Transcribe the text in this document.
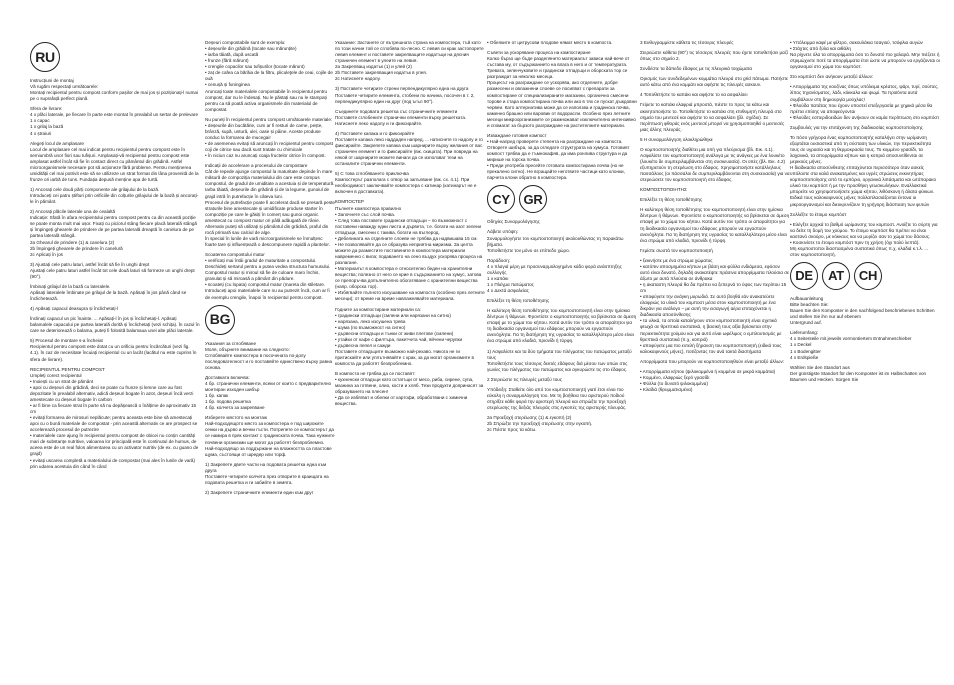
RU

Instrucțiuni de montaj
Vă rugăm respectați următoarele:
Montați recipientul pentru compost conform pașilor de mai jos și poziționați-l numai pe o suprafață perfect plană.

Sfera de livrare:
4 x plăci laterale, pe fiecare în parte este montat în prealabil un sertar de prelevare
1 x capac
1 x grilaj la bază
4 x ștraiuri

Alegeți locul de amplasare
Locul de amplasare cel mai indicat pentru recipientul pentru compost este în semiumbră unor fiori sau tufișuri. Amplasați-vă recipientul pentru compost este amplasat astfel încât să fie în contact direct cu pământul din grădină. Astfel microorganismele necesare pot să acționeze fără probleme. Pentru menținerea umidității cel mai potrivit este să se utilizeze un strat format din lâna provenită de la frunze ori iarbă de tuns. Fundația depusă menține apa de turtă.

1) Ancorați cele două părți componente ale grilajului de la bază.
Introduceți cei patru știfturi prin orificiile din colțurile grilajului de la bază și ancorați-le în pământ.

2) Ancorați plăcile laterale una de cealaltă
Indicație: Sfată în afara recipientului pentru compost pentru ca din această poziție se poate monta mult mai ușor. Fixați cu piciorul stâng fiecare placă laterală stângă și împingeți ghearele de prindere de pe partea laterală dreaptă în canelura de pe partea laterală stângă.
2a Ghearul de prindere (1) & canelura (2)
2b Împingeți ghearele de prindere în canelură
2c Aplicați în jos

3) Ajustați cele patru laturi, astfel încât să fie în unghi drept
Ajustați cele patru laturi astfel încât tot cele două laturi să formeze un unghi drept (90°).

Îmbinați grilajul de la bază cu lateralele.
Apăsați lateralele îmbinate pe grilajul de la bază. Apăsați în jos până când se înclichetează.

4) Apăsați capacul deasupra și înclichetați-l

Înclinați capacul un pic înainte. ... Apăsați-l în jos și înclichetați-l. Apăsați balamalele capacului pe partea laterală dorită și înclichetați (vezi schița). În cazul în care se deteriorează o balama, puteți fi folosită balamaua unei alte plăci laterale.

5) Procesul de montare s-a încheiat
Recipientul pentru compost este dotat cu un orificiu pentru încărcături (vezi fig. 4.1). În caz de necesitate încuiați recipientul cu un lacăt (lacătul nu este cuprins în sfera de livrare).

RECIPIENTUL PENTRU COMPOST
Umpleți corect recipientul
• Inoiești cu un strat de pământ
• apoi cu deșeuri din grădină, deci se poate cu frunze și lemne care au fost depozitate în prealabil alternativ, adică deșeuri bogate în azot, deșeuri încă verzi amestecate cu deșeuri bogate în carbon
• ar fi bine ca fiecare strat în parte să nu depășească o înălțime de aproximativ 15 cm
• evitați formarea de mirosuri neplăcute; pentru aceasta este bine să amestecați apoi cu o bună materiale de compostat - prin această alternativ ce are prospect se accelerează procesul de putrezire
• materialele care ajung în recipientul pentru compost de obicei nu conțin cantități mari de substanțe nutritive, valoarea lor principală este în continutul de humus, de aceea este de un real folos alimentarea cu un activator nutritiv (de ex. cu guano de grajd)
• evitați uscarea completă a materialului de compostat (mai ales în lunile de vară) prin udarea acestuia din când în când

Deșeuri compostabile sunt de exemplu:
• deșeurile din grădină (tocate sau mărunțite)
• iarba tăiată, după uscată
• frunze (fără mărunt)
• crengile copacilor sau tufișurilor (tocate mărunt)
• zaț de cafea ca bărăia de la filtru, pliculeţele de ceai, cojile de ouă
• cenușă și funinginea
Aruncați toate materialele compostabile în recipientul pentru compost, dar nu le îndesați. Nu le păstați sau nu le stampați pentru ca să poată activa organismele din materialul de compostat.

Nu puneți în recipientul pentru compost următoarele materiale:
• deșeurile din bucătărie, cum ar fi resturi de carne, pește, brânză, supă, untură, ulei, oase și pâine. Aceste produse conduc la formarea de mucegai!
• de asemenea evitați să aruncați în recipientul pentru compost coji de citrice sau dacă sunt tratate cu chimicale
• în niciun caz nu aruncați coaja fructelor citrice în compost.

Indicații de accelerare a procesului de compostare
Cât de repede ajunge compostul la maturitate depinde în mare măsură de compoziția materialului din care este compus compostul, de gradul de umiditate a acestuia și de temperatură.
Iarba tăiată, deșeurile din grădină și de la legume, gunoiul de grajd intră în putrefacție în câteva luni.
Procesul de putrefacție poate fi accelerat dacă se presară peste straturile bine amestecate și umidificate produse starter în compoziție pe care le găsiți în comerț sau gunoi organic amestecat cu compost matur ori pâlă adăugată de rânie. Alternativ puteți să utilizați și pământul din grădină, praful din rocă primară sau calciul de alge.
În special în lunile de vară microorganismele se înmulțesc foarte tare și influențează o descompunere rapidă a plantelor.

Scoaterea compostului matur
• verificați mai întâi gradul de maturitate a compostului.
Deschideți sertarul pentru a putea vedea structura humusului. Compostul matur și miroul să fie de culoare maro închis, granulat și să miroasă a pământ din pădure.
• scoateți (cu lopata) compostul matur (mareta din stiletare.
Introduceți apoi materialele care nu au putrezit încă, cum ar fi de exemplu crengile, înapoi în recipientul pentru compost.

BG

Указания за сглобяване
Моля, обърнете внимание на следното:
Сглобявайте компостера в посочената по-долу последователност и го поставяйте единствено върху равна основа.

Доставката включва:
4 бр. странични елементи, всеки от които с предварително монтиран изходен шибър
1 бр. капак
1 бр. подова решетка
4 бр. колчета за закрепване

Изберете мястото на монтаж
Най-подходящото място за компостера е под широките сенки на дърво и вечни гъсти. Потрепете се компостерът да се намира в пряк контакт с градинската почва. Така нужните почвени организми ще могат да работят безпроблемно. Най-подходящо за поддържане на влажността са пластове щума, състоящи от шредер или торф.

1) Закрепете двете части на подовата решетка една към друга
Поставете четирите колчета през отворите в краищата на подовата решетка и ги забийте в земята.

2) Закрепете страничните елементи един към друг

Указание: Застанете от вътрешната страна на компостера, тъй като по този начин той се сглобява по-лесно. С левия си крак застопорете левия елемент и поставете закрепващите издатъци на дясния страничен елемент в улеите на левия.
2а Закрепващ издатък (1) и улей (2)
2b Поставете закрепващия издатък в улея.
2c Натиснете надолу.

3) Поставете четирите стрени перпендикулярно една на друга
Поставете четирите елемента, стобени по начина, посочен в т. 2, перпендикулярно един на друг (под ъгъл 90°).

Съединете подовата решетка със страничните елементи
Поставете сглобените странични елементи върху решетката. Натиснете леко надолу и ги фиксирайте.

4) Поставете капака и го фиксирайте
Поставете капака леко наддаден напред, ... натиснете го надолу и го фиксирайте. Закрепете капака към шарнирите върху желания от вас страничен елемент и го фиксирайте (вж. скицата). При повреда на някой от шарнирите можете винаги да се използват тези на останалите странични елементи.

5) С това сглобяването приключва
Компостерът разполага с отвор за запълване (вж. сх. 4.1). При необходимост заключвайте компостера с катинар (катинарът не е включен в доставката).

КОМПОСТЕР
Пълнете компостера правилно
• Започнете със слой почва.
• След това поставете градински отпадъци – по възможност с поставени наважду едни листа и дървета, т.е. богати на азот зелени отпадъци, смесени с такива, богати на въглерод.
• Дебелината на отделните слоеве не трябва да надвишава 15 см.
• Не позволявайте да се образува неприятна миризма. За целта можете да разместите поставените в компостера материали навременно с вила; подаването на сено въздух ускорява процеса на разлагане.
• Материалът в компостера е относително беден на хранителни вещества; полезно от него се крие в съдържанието на хумус, затова се препоръчва допълнително обогатяване с хранителни вещества (напр. оборска тор).
• Избягвайте пълното изсушаване на компоста (особено през летните месеци); от време на време навлажнявайте материала.

Годните за компостиране материали са:
• градински отпадъци (смлени или нарязани на ситно)
• нарязана, леко изсушена трева
• шума (по възможност на ситно)
• дървесни отпадъци и тънки от живи плетове (смлени)
• утайки от кафе с филтъра, пакетчета чай, яйчени черупки
• дървесна пепел и сажди
Поставете отпадъците възможно най-рехаво. Никога не ги притискайте или уплътнявайте с крак, за да могат организмите в компоста да работят безпроблемно.

В компоста не трябва да се поставят:
• кухненски отпадъци като остатъци от месо, риба, сирене, супа, мазнина за готвене, олио, кости и хляб. Тези продукти допринасят за образуването на плесен!
• Да се избягват и обелки от картофи, обработвани с химични вещества.

• Обелките от цитрусови плодове нямат място в компоста.

Съвети за ускоряване процеса на компостиране
Колко бързо ще бъде разделянето материалът зависи най-вече от състава му, от съдържанието на влага в него и от температурата. Тревата, зеленчуковите и градински отпадъци и оборската тор се разграждат за няколко месеца.
Процесът на разграждане се ускорява, ако отделните, добре размесени и овлажнени слоеве се посипват с препарати за компостиране от специализираните магазини, органично смесени торове и стара компостирана почва или ако в тях се пускат дъждовни червеи. Като алтернатива може да се използва и градинска почва, каменно брашно или варовик от водорасли. Особено през летните месеци микроорганизмите се размножават изключително интензивно и спомагат за бързото разграждане на растителните материали.

Изваждане готовия компост
• Най-напред проверете степента на разграждане на компоста. Отворете шибъра, за да огледате структурата на хумуса. Готовият компост трябва да е тъмнокафяв, да има ронлива структура и да мирише на горска почва.
• Преди употреба пресейте готовата компостирана почва (но не прекалено ситно). Не вгращайте неготвите частици като клонки, парчета клони обратно в компостера.

CY	GR

Οδηγίες Συναρμολόγησης

Λάβετε υπόψη:
Συναρμολογήστε τον κομποστοποιητή ακολουθώντας τη παρακάτω βήματα.
Τοποθετήστε τον μόνο σε επίπεδο χώρο.

Παράδοση:
4 x πλαγιά μέρη με προσυναρμολογημένο κάδο φορά ανάσπτηξης συλλογής
1 x καπάκι
1 x Πλέγμα πατώματος
4 x Δεκτά ασφαλείας

Επιλέξτε τη θέση τοποθέτησης

Η καλύτερη θέση τοποθέτησης του κομποστοποιητή είναι στην ημίσκια δέντρων ή θάμνων. Φροντίστε ο κομποστοποιητής να βρίσκεται σε άμεση επαφή με το χώμα του κήπου. Κατά αυτόν τον τρόπο οι απαραίτητοι για τη διαδικασία οργανισμοί του εδάφους μπορούν να εργαστούν ανενόχλητα. Για τη διατήρηση της υγρασίας το καταλληλότερο μέσο είναι ένα στρώμα από κλαδιά, πριονίδι ή τύρφη.

1) Ασφαλίστε και τα δύο τμήματα του πλέγματος του πατώματος μεταξύ τους
Τοποθετήστε τους τέσσερις δεκτές εδάφους διά μέσου των οπών στις γωνίες του πλέγματος του πατώματος και αγκυρώστε τις στο έδαφος.

2 Στερεώστε τις πλευρές μεταξύ τους

Υπόδειξη: Σταθείτε όλο από τον κομποστοποιητή γιατί έτσι είναι πιο εύκολη η συναρμολόγηση του. Με τη βοήθεια του αριστερού ποδιού στηρίξτε κάθε φορά την αριστερή πλευρά και σπρώξτε την προεξοχή στερέωσης της δεξιάς πλευράς στις εγκοπές της αριστερής πλευράς.

2a Προεξοχή στερέωσης (1) & εγκοπή (2)
2b Σπρώξτε την προεξοχή στερέωσης στην εγκοπή.
2c Πιέστε προς τα κάτω.

3 Ευθυγραμμίστε κάθετα τις τέσσερις πλευρές

Στερεώστε κάθετα (90°) τις τέσσερις πλευρές που έχετε τοποθετήσει μαζί όπως στο σημείο 2.

Συνδέστε τα δάπεδο έδαφος με τις πλευρικά τοιχώματα

Ορισμός των συνδεδεμένων κομμάτια πλευρά στο grid πάτωμα. Πατήστε αυτό κάτω από ένα κομμάτι και αφήστε τις πλευρές ασκουν.

4 Τοποθετήστε το καπάκι και αφήστε το να ασφαλίσει

Γείρετε το καπάκι ελαφριά μπροστά, πιέστε το προς τα κάτω και ακινητοποιήστε το. Τοποθετήστε το καπάκι στη επιθυμητή πλευρά στο σημείο του μεντεσέ και αφήστε το να ασφαλίσει (βλ. σχέδιο). Σε περίπτωση φθοράς ενός μεντεσέ μπορεί να χρησιμοποιηθεί ο μεντεσές μιας άλλης πλευράς.

5 Η συναρμολόγηση ολοκληρώθηκε

Ο κομποστοποιητής διαθέτει μια οπή για πλεύρισμα (βλ. Εικ. 4.1). Ασφαλίστε τον κομποστοποιητή ανάλογα με τις ανάγκες με ένα λουκέτο (λουκέτο δε συμπεριλαμβάνεται στη συσκευασία). Οι οπές (βλ. Εικ. 4.2) εξυπηρετούν τη στερέωση στο έδαφος. Χρησιμοποιήστε κατάλληλους πασσάλους (οι πάσσαλοι δε συμπεριλαμβάνονται στη συσκευασία) για να στερεώσετε τον κομποστοποιητή στο έδαφος.

ΚΟΜΠΟΣΤΟΠΟΙΗΤΗΣ

Επιλέξτε τη θέση τοποθέτησης

Η καλύτερη θέση τοποθέτησης του κομποστοποιητή είναι στην ημίσκια δέντρων ή θάμνων. Φροντίστε ο κομποστοποιητής να βρίσκεται σε άμεση επαφή με το χώμα του κήπου. Κατά αυτόν τον τρόπο οι απαραίτητοι για τη διαδικασία οργανισμοί του εδάφους μπορούν να εργαστούν ανενόχλητα. Για τη διατήρηση της υγρασίας το καταλληλότερο μέσο είναι ένα στρώμα από κλαδιά, πριονίδι ή τύρφη.

Γεμίστε σωστά τον κομποστοποιητή

• ξεκινήστε με ένα στρώμα χώματος
• κατόπιν αποσμημένα κήπων με βάση και φύλλα ενδιάμεσα, εφόσον αυτό είναι δυνατό, δηλαδή ανακατέψτε πράσινα απορρίμματα πλούσια σε άζωτο με αυτά πλούσια σε άνθρακα
• η ακαταστη πλευρά θα δα πρέπει να ξεπερνά το ύψος των περίπου 15 cm
• αποφύγετε την ανάγκη μυρωδιά. Σε αυτό βοηθά εάν ανακατεύετε ελαφριώς τα υλικά του κομποστ μέσα στον κομποστοποιητή με ένα δικράνι για ανάλογο – με αυτή την εισαγωγή αέρα επιταχύνεται η διαδικασία αποσύνθεσης
• τα υλικά, τα οποία καταλήγουν στον κομποστοποιητή είναι σχετικά φτωχά σε θρεπτικά συστατικά, η βασική τους αξία βρίσκεται στην περιεκτικότητα χούμου και για αυτό είναι ωφέλιμος ο εμπλουτισμός με θρεπτικά συστατικά (π.χ. κοπριά)
• αποφύγετε μια πιο εντελή ξήρανση του κομποστοποιητή (ειδικά τους καλοκαιρινούς μήνες), ποτίζοντας τον ανά τακτά διαστήματα

Απορρίμματα που μπορούν να κομποστοποιηθούν είναι μεταξύ άλλων:

• Απορρίμματα κήπου (ψιλοκομμένα ή κομμένα σε μικρά κομμάτια)
• Κομμένο, ελαφριώς ξερό γρασίδι
• Φύλλα (το δυνατό ψιλοκομμένα)
• Κλαδιά (θρυμματισμένα)

• Υπόλειμμα καφέ με φίλτρο, σακουλάκια τσαγιού, τσόφλια αυγών
• Στάχτες από ξύλα και αιθάλη
Να ρίχνετε όλα τα απορρίμματα όσο το δυνατό πιο χαλαρά. Μην πιέζετε ή στριμώχνετε ποτέ τα απορρίμματα έτσι ώστε να μπορούν να εργάζονται οι οργανισμοί στο χώμα του κομπόστ.

Στο κομπόστ δεν ανήκουν μεταξύ άλλων:

• Απορρίμματα της κουζίνας όπως υπόλειμα κρέατος, ψάρι, τυρί, σούπες, λίπος τηγανίσματος, λάδι, κόκκαλα και ψωμί. Τα προϊόντα αυτά συμβάλουν στη δημιουργία μούχλας!
• Φλούδα πατάτας που έχουν υποστεί επεξεργασία με χημικά μέσα θα πρέπει επίσης να αποφεύγονται
• Φλούδες εσπεριδοειδών δεν ανήκουν σε καμία περίπτωση στο κομπόστ

Συμβουλές για την επιτάχυνση της διαδικασίας κομποστοποίησης

Το πόσο γρήγορα ένας κομποστοποιητής καταλήγει στην ωρίμανση εξαρτάται ουσιαστικά από τη σύσταση των υλικών, την περιεκτικότητα τους σε υγρασία και τη θερμοκρασία τους. Το κομμένο γρασίδι, τα λαχανικά, τα απορρίμματα κήπων και η κοπριά αποσυντίθενται σε μερικούς μήνες.
Η διαδικασία αποσύνθεσης επιταχύνεται περισσότερο όταν ασκείς υπόλοιπε στα καλά ανακατεμένες και υγρές στρώσεις εκκινητήρας κομποστοποίησης από το εμπόριο, οργανικά λιπάσματα και ωτόπαρακο υλικό του κομπόστ ή με την προσθήκη γεωσκωλήκων. Εναλλακτικά μπορείτε να χρησιμοποιήσετε χώμα κήπου, λιθόσκονη ή άλατα φύκιων. Ειδικά τους καλοκαιρινούς μήνες πολλαπλασιάζονται έντονα οι μικροοργανισμοί και διευκρυνίζουν τη γρήγορη διάσπαση των φυτών

Συλλέξτε το έτοιμο κομπόστ

• Ελέγξτε αρχικά το βαθμό ωρίμανσης του κομποστ. Ανοίξτε το σύρτη για να δείτε τη δομή του χούμου. Το έτοιμο κομπόστ θα πρέπει να είναι καστανό σκούρο, με κόκκους και να μυρίζει σαν το χώμα του δάσους.
• Κοσκινίστε το έτοιμο κομπόστ πριν τη χρήση (όχι πολύ λεπτά).
Μη κομποστοποι διασπασμένα συστατικά όπως π.χ. κλαδιά κ.τ.λ. ...
στον κομποστοποιητή.

DE	AT	CH

Aufbauanleitung
Bitte beachten Sie:
Bauen Sie den Komposter in den nachfolgend beschriebenen Schritten und stellen Sie ihn nur auf ebenem
Untergrund auf.

Lieferumfang:
4 x Seitenteile mit jeweils vormontiertem Entnahmeschieber
1 x Deckel
1 x Bodengitter
4 x Erdspieße

Wählen Sie den Standort aus
Der günstigste Standort für den Komposter ist im Halbschatten von Bäumen und Hecken. Sorgen Sie
